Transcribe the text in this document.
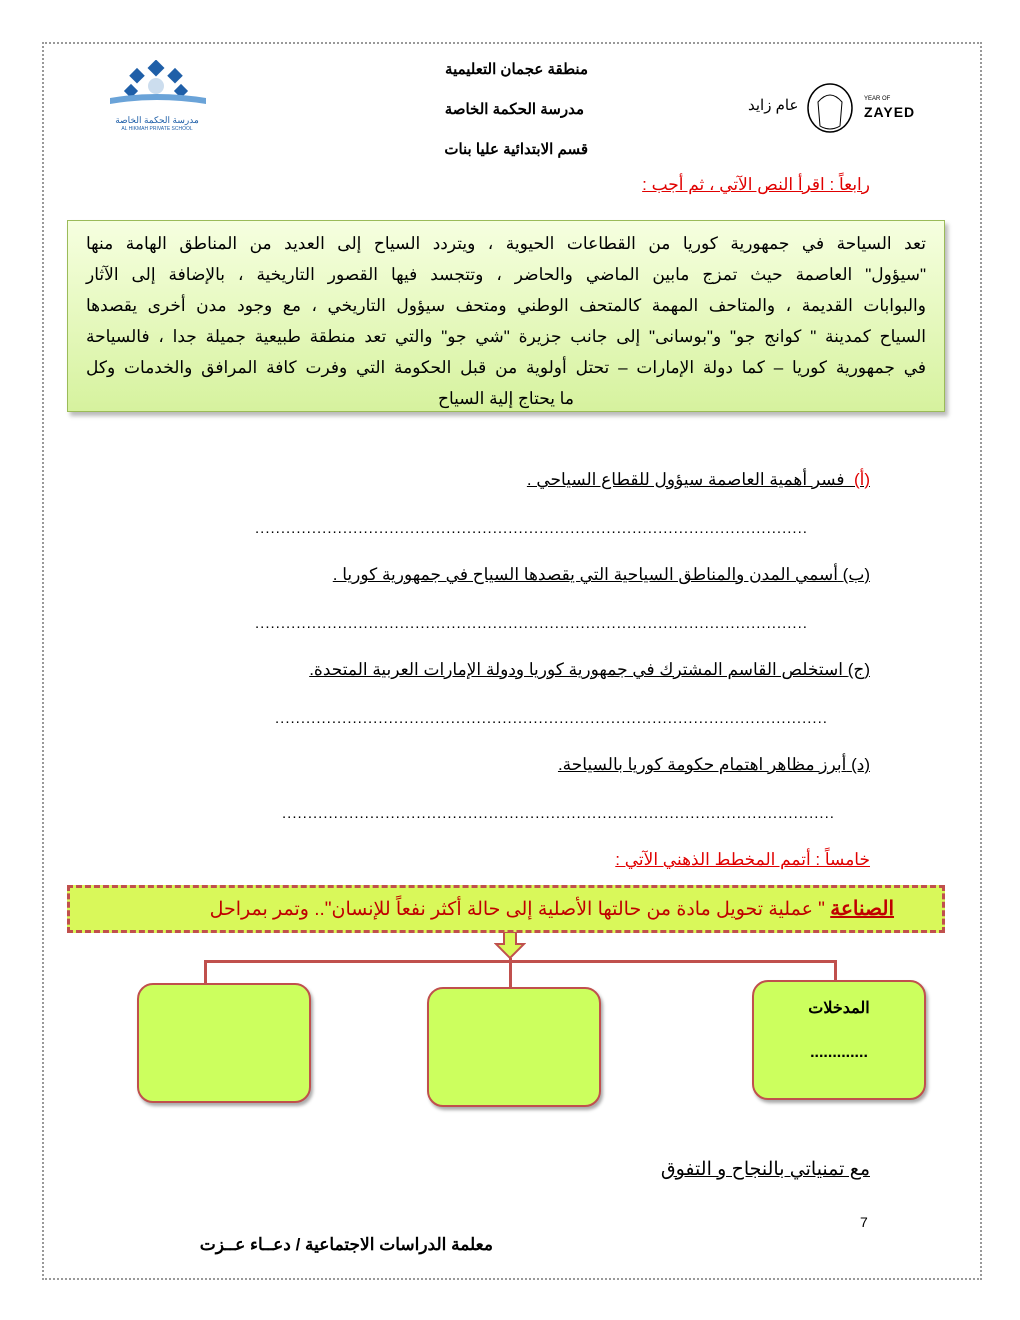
مدرسة الحكمة الخاصة
AL HIKMAH PRIVATE SCHOOL
منطقة عجمان التعليمية
مدرسة الحكمة الخاصة
قسم الابتدائية عليا بنات
عام زايد	YEAR OF
ZAYED
رابعاً : اقرأ النص الآتي ، ثم أجب :
تعد السياحة في جمهورية كوريا من القطاعات الحيوية ، ويتردد السياح إلى العديد من المناطق الهامة منها
"سيؤول" العاصمة حيث تمزج مابين الماضي والحاضر ، وتتجسد فيها القصور التاريخية ، بالإضافة إلى الآثار
والبوابات القديمة ، والمتاحف المهمة كالمتحف الوطني ومتحف سيؤول التاريخي ، مع وجود مدن أخرى يقصدها
السياح كمدينة " كوانج جو" و"بوسانى" إلى جانب جزيرة "شي جو" والتي تعد منطقة طبيعية جميلة جدا ، فالسياحة
في جمهورية كوريا – كما دولة الإمارات – تحتل أولوية من قبل الحكومة التي وفرت كافة المرافق والخدمات وكل
ما يحتاج إلية السياح
(أ)  فسر أهمية العاصمة سيؤول للقطاع السياحي .
...........................................................................................................
(ب) أسمي المدن والمناطق السياحية التي يقصدها السياح في جمهورية كوريا .
...........................................................................................................
(ج) استخلص القاسم المشترك في جمهورية كوريا ودولة الإمارات العربية المتحدة.
...........................................................................................................
(د) أبرز مظاهر اهتمام حكومة كوريا بالسياحة.
...........................................................................................................
خامساً : أتمم المخطط الذهني الآتي :
الصناعة " عملية تحويل مادة من حالتها الأصلية إلى حالة أكثر نفعاً للإنسان".. وتمر بمراحل
المدخلات
.............
مع تمنياتي بالنجاح و التفوق
7
معلمة الدراسات الاجتماعية / دعــاء عــزت
